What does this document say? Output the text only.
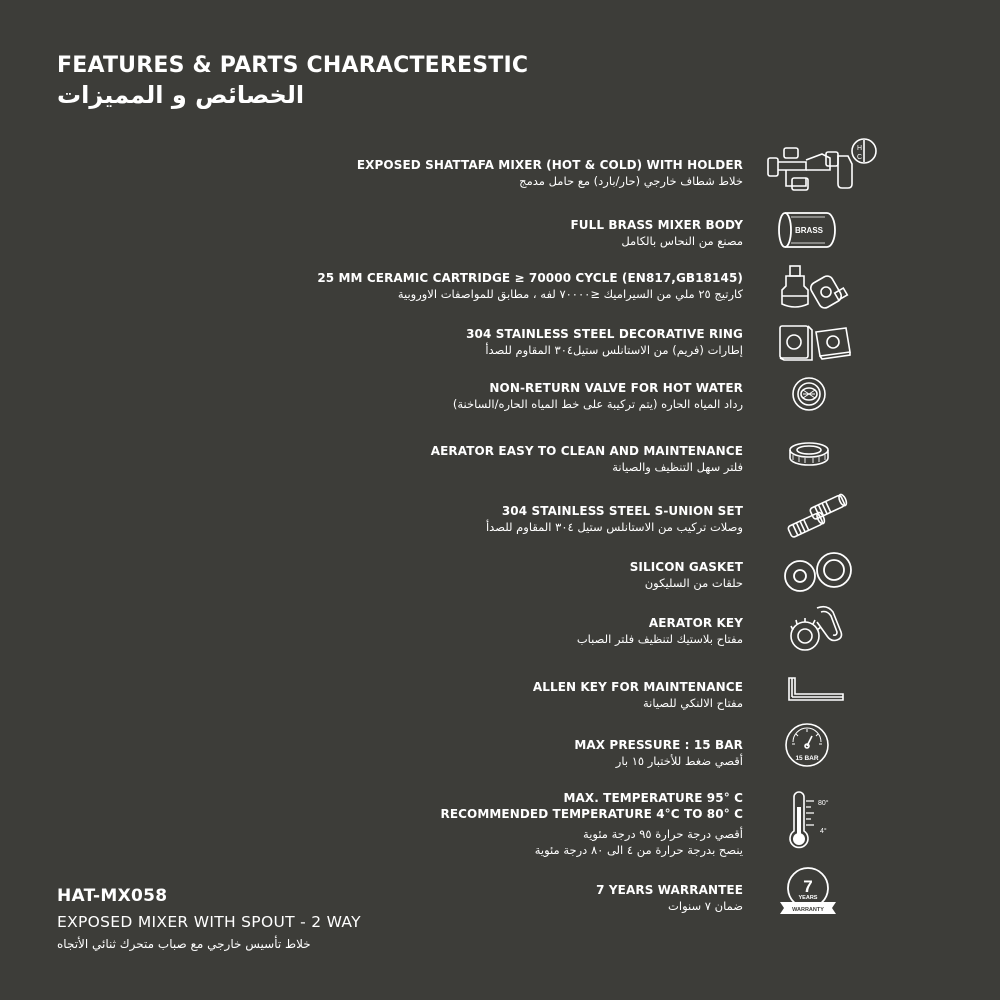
FEATURES & PARTS CHARACTERESTIC
الخصائص و المميزات
EXPOSED SHATTAFA MIXER (HOT & COLD) WITH HOLDER
خلاط شطاف خارجي (حار/بارد) مع حامل مدمج
FULL BRASS MIXER BODY
مصنع من النحاس بالكامل
25 MM CERAMIC CARTRIDGE ≥ 70000 CYCLE (EN817,GB18145)
كارتيج ٢٥ ملي من السيراميك ≤٧٠٠٠٠ لفه ، مطابق للمواصفات الاوروبية
304 STAINLESS STEEL DECORATIVE RING
إطارات (فريم) من الاستانلس ستيل٣٠٤ المقاوم للصدأ
NON-RETURN VALVE FOR HOT WATER
رداد المياه الحاره (يتم تركيبة على خط المياه الحاره/الساخنة)
AERATOR EASY TO CLEAN AND MAINTENANCE
فلتر سهل التنظيف والصيانة
304 STAINLESS STEEL S-UNION SET
وصلات تركيب من الاستانلس ستيل ٣٠٤ المقاوم للصدأ
SILICON GASKET
حلقات من السليكون
AERATOR KEY
مفتاح بلاستيك لتنظيف فلتر الصباب
ALLEN KEY FOR MAINTENANCE
مفتاح الالنكي للصيانة
MAX PRESSURE : 15 BAR
أقصي ضغط للأختبار ١٥ بار
MAX. TEMPERATURE 95° C
RECOMMENDED TEMPERATURE 4°C TO 80° C
أقصي درجة حرارة ٩٥ درجة مئوية
ينصح بدرجة حرارة من ٤ الى ٨٠ درجة مئوية
7 YEARS WARRANTEE
ضمان ٧ سنوات
H
C
BRASS
15 BAR
80°
4°
7
YEARS
WARRANTY
HAT-MX058
EXPOSED MIXER WITH SPOUT - 2 WAY
خلاط تأسيس خارجي مع صباب متحرك ثنائي الأتجاه
